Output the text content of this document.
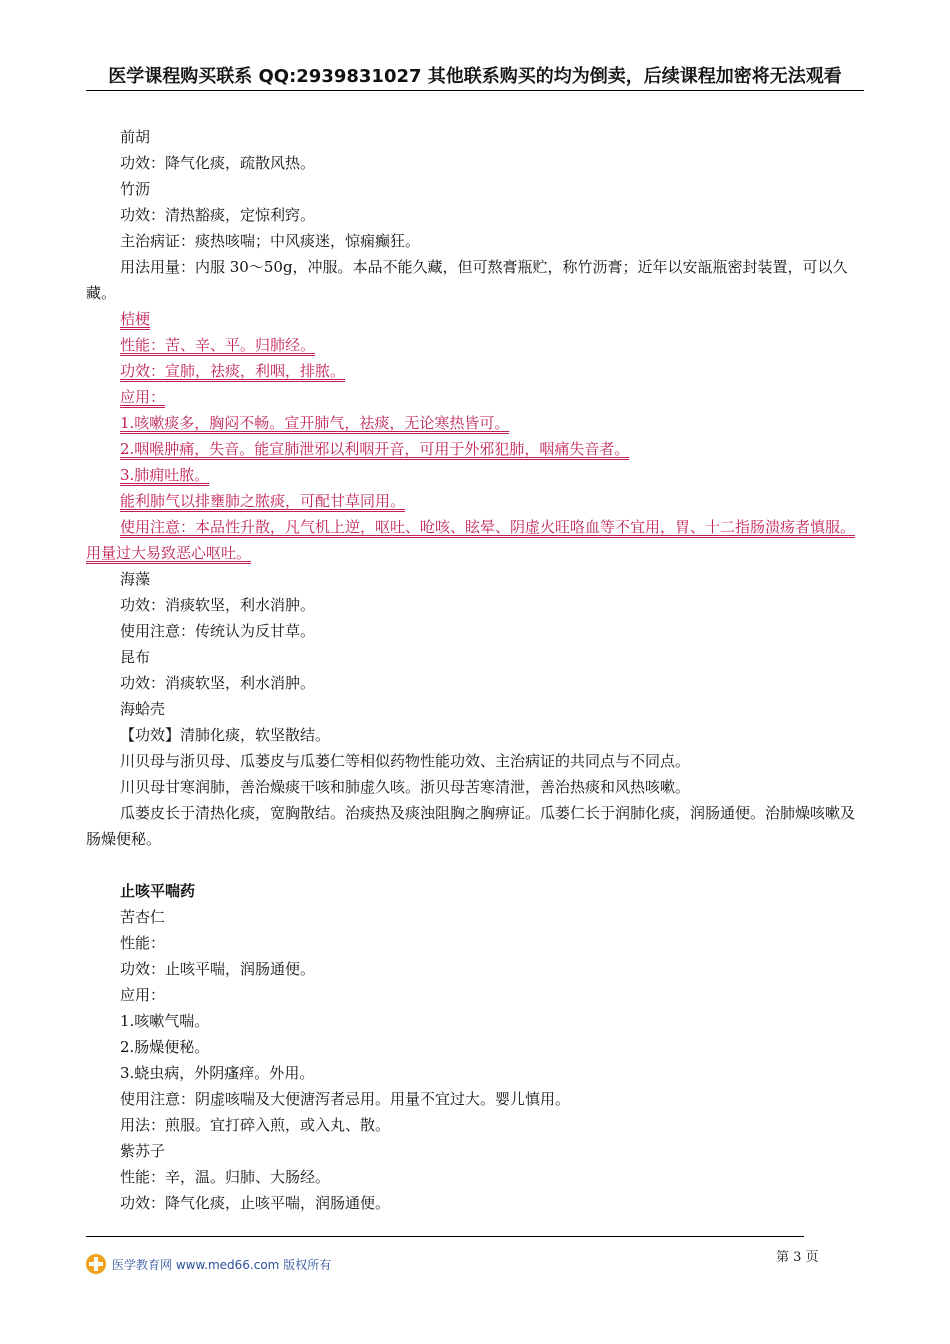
医学课程购买联系 QQ:2939831027 其他联系购买的均为倒卖，后续课程加密将无法观看
前胡
功效：降气化痰，疏散风热。
竹沥
功效：清热豁痰，定惊利窍。
主治病证：痰热咳喘；中风痰迷，惊痫癫狂。
用法用量：内服 30～50g，冲服。本品不能久藏，但可熬膏瓶贮，称竹沥膏；近年以安瓿瓶密封装置，可以久藏。
桔梗
性能：苦、辛、平。归肺经。
功效：宣肺，祛痰，利咽，排脓。
应用：
1.咳嗽痰多，胸闷不畅。宣开肺气，祛痰，无论寒热皆可。
2.咽喉肿痛，失音。能宣肺泄邪以利咽开音，可用于外邪犯肺，咽痛失音者。
3.肺痈吐脓。
能利肺气以排壅肺之脓痰，可配甘草同用。
使用注意：本品性升散，凡气机上逆，呕吐、呛咳、眩晕、阴虚火旺咯血等不宜用，胃、十二指肠溃疡者慎服。用量过大易致恶心呕吐。
海藻
功效：消痰软坚，利水消肿。
使用注意：传统认为反甘草。
昆布
功效：消痰软坚，利水消肿。
海蛤壳
【功效】清肺化痰，软坚散结。
川贝母与浙贝母、瓜蒌皮与瓜蒌仁等相似药物性能功效、主治病证的共同点与不同点。
川贝母甘寒润肺，善治燥痰干咳和肺虚久咳。浙贝母苦寒清泄，善治热痰和风热咳嗽。
瓜蒌皮长于清热化痰，宽胸散结。治痰热及痰浊阻胸之胸痹证。瓜蒌仁长于润肺化痰，润肠通便。治肺燥咳嗽及肠燥便秘。
止咳平喘药
苦杏仁
性能：
功效：止咳平喘，润肠通便。
应用：
1.咳嗽气喘。
2.肠燥便秘。
3.蛲虫病，外阴瘙痒。外用。
使用注意：阴虚咳喘及大便溏泻者忌用。用量不宜过大。婴儿慎用。
用法：煎服。宜打碎入煎，或入丸、散。
紫苏子
性能：辛，温。归肺、大肠经。
功效：降气化痰，止咳平喘，润肠通便。
医学教育网 www.med66.com 版权所有	第 3 页
